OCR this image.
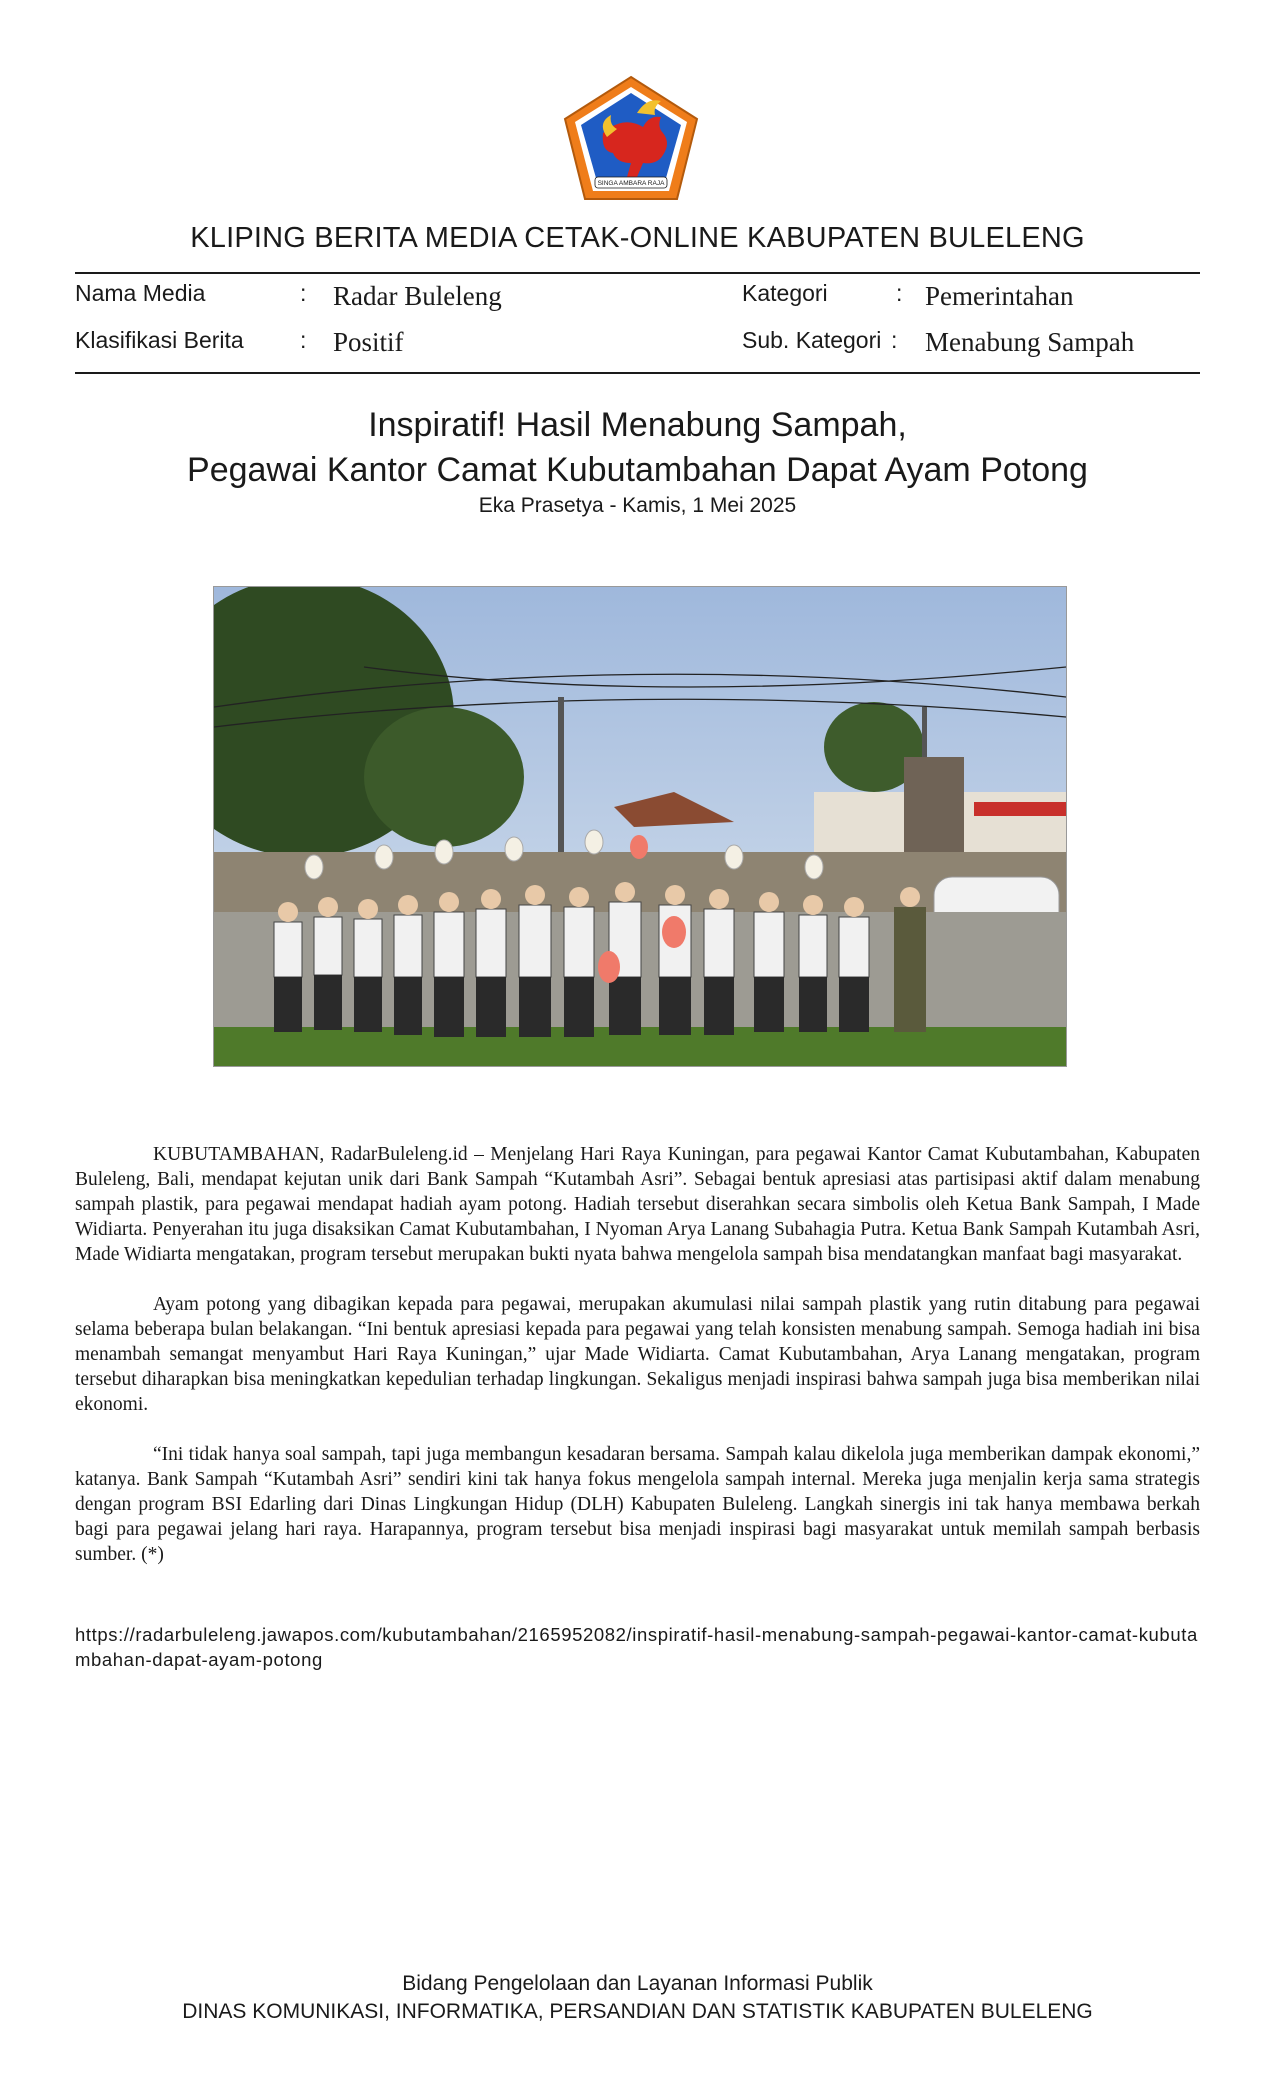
SINGA AMBARA RAJA
KLIPING BERITA MEDIA CETAK-ONLINE KABUPATEN BULELENG
Nama Media	: Radar Buleleng
Klasifikasi Berita : Positif
Kategori	: Pemerintahan
Sub. Kategori : Menabung Sampah
Inspiratif! Hasil Menabung Sampah,
Pegawai Kantor Camat Kubutambahan Dapat Ayam Potong
Eka Prasetya - Kamis, 1 Mei 2025

KUBUTAMBAHAN, RadarBuleleng.id – Menjelang Hari Raya Kuningan, para pegawai Kantor Camat Kubutambahan, Kabupaten Buleleng, Bali, mendapat kejutan unik dari Bank Sampah “Kutambah Asri”. Sebagai bentuk apresiasi atas partisipasi aktif dalam menabung sampah plastik, para pegawai mendapat hadiah ayam potong. Hadiah tersebut diserahkan secara simbolis oleh Ketua Bank Sampah, I Made Widiarta. Penyerahan itu juga disaksikan Camat Kubutambahan, I Nyoman Arya Lanang Subahagia Putra. Ketua Bank Sampah Kutambah Asri, Made Widiarta mengatakan, program tersebut merupakan bukti nyata bahwa mengelola sampah bisa mendatangkan manfaat bagi masyarakat.

Ayam potong yang dibagikan kepada para pegawai, merupakan akumulasi nilai sampah plastik yang rutin ditabung para pegawai selama beberapa bulan belakangan. “Ini bentuk apresiasi kepada para pegawai yang telah konsisten menabung sampah. Semoga hadiah ini bisa menambah semangat menyambut Hari Raya Kuningan,” ujar Made Widiarta. Camat Kubutambahan, Arya Lanang mengatakan, program tersebut diharapkan bisa meningkatkan kepedulian terhadap lingkungan. Sekaligus menjadi inspirasi bahwa sampah juga bisa memberikan nilai ekonomi.

“Ini tidak hanya soal sampah, tapi juga membangun kesadaran bersama. Sampah kalau dikelola juga memberikan dampak ekonomi,” katanya. Bank Sampah “Kutambah Asri” sendiri kini tak hanya fokus mengelola sampah internal. Mereka juga menjalin kerja sama strategis dengan program BSI Edarling dari Dinas Lingkungan Hidup (DLH) Kabupaten Buleleng. Langkah sinergis ini tak hanya membawa berkah bagi para pegawai jelang hari raya. Harapannya, program tersebut bisa menjadi inspirasi bagi masyarakat untuk memilah sampah berbasis sumber. (*)

https://radarbuleleng.jawapos.com/kubutambahan/2165952082/inspiratif-hasil-menabung-sampah-pegawai-kantor-camat-kubutambahan-dapat-ayam-potong
Bidang Pengelolaan dan Layanan Informasi Publik
DINAS KOMUNIKASI, INFORMATIKA, PERSANDIAN DAN STATISTIK KABUPATEN BULELENG
